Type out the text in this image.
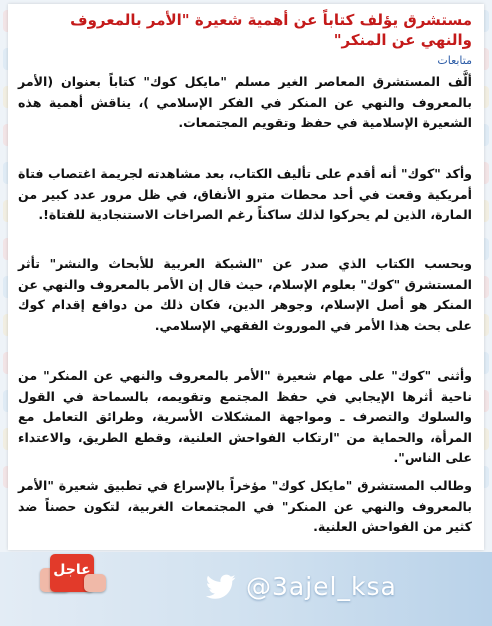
مستشرق يؤلف كتاباً عن أهمية شعيرة "الأمر بالمعروف والنهي عن المنكر"
متابعات

ألَّف المستشرق المعاصر الغير مسلم "مايكل كوك" كتاباً بعنوان (الأمر بالمعروف والنهي عن المنكر في الفكر الإسلامي )، يناقش أهمية هذه الشعيرة الإسلامية في حفظ وتقويم المجتمعات.

وأكد "كوك" أنه أقدم على تأليف الكتاب، بعد مشاهدته لجريمة اغتصاب فتاة أمريكية وقعت في أحد محطات مترو الأنفاق، في ظل مرور عدد كبير من المارة، الذين لم يحركوا لذلك ساكناً رغم الصراخات الاستنجادية للفتاة!.

وبحسب الكتاب الذي صدر عن "الشبكة العربية للأبحاث والنشر" تأثر المستشرق "كوك" بعلوم الإسلام، حيث قال إن الأمر بالمعروف والنهي عن المنكر هو أصل الإسلام، وجوهر الدين، فكان ذلك من دوافع إقدام كوك على بحث هذا الأمر في الموروث الفقهي الإسلامي.

وأثنى "كوك" على مهام شعيرة "الأمر بالمعروف والنهي عن المنكر" من ناحية أثرها الإيجابي في حفظ المجتمع وتقويمه، بالسماحة في القول والسلوك والتصرف ـ ومواجهة المشكلات الأسرية، وطرائق التعامل مع المرأة، والحماية من "ارتكاب الفواحش العلنية، وقطع الطريق، والاعتداء على الناس".

وطالب المستشرق "مايكل كوك" مؤخراً بالإسراع في تطبيق شعيرة "الأمر بالمعروف والنهي عن المنكر" في المجتمعات الغربية، لتكون حصناً ضد كثير من الفواحش العلنية.

عاجل
@3ajel_ksa
